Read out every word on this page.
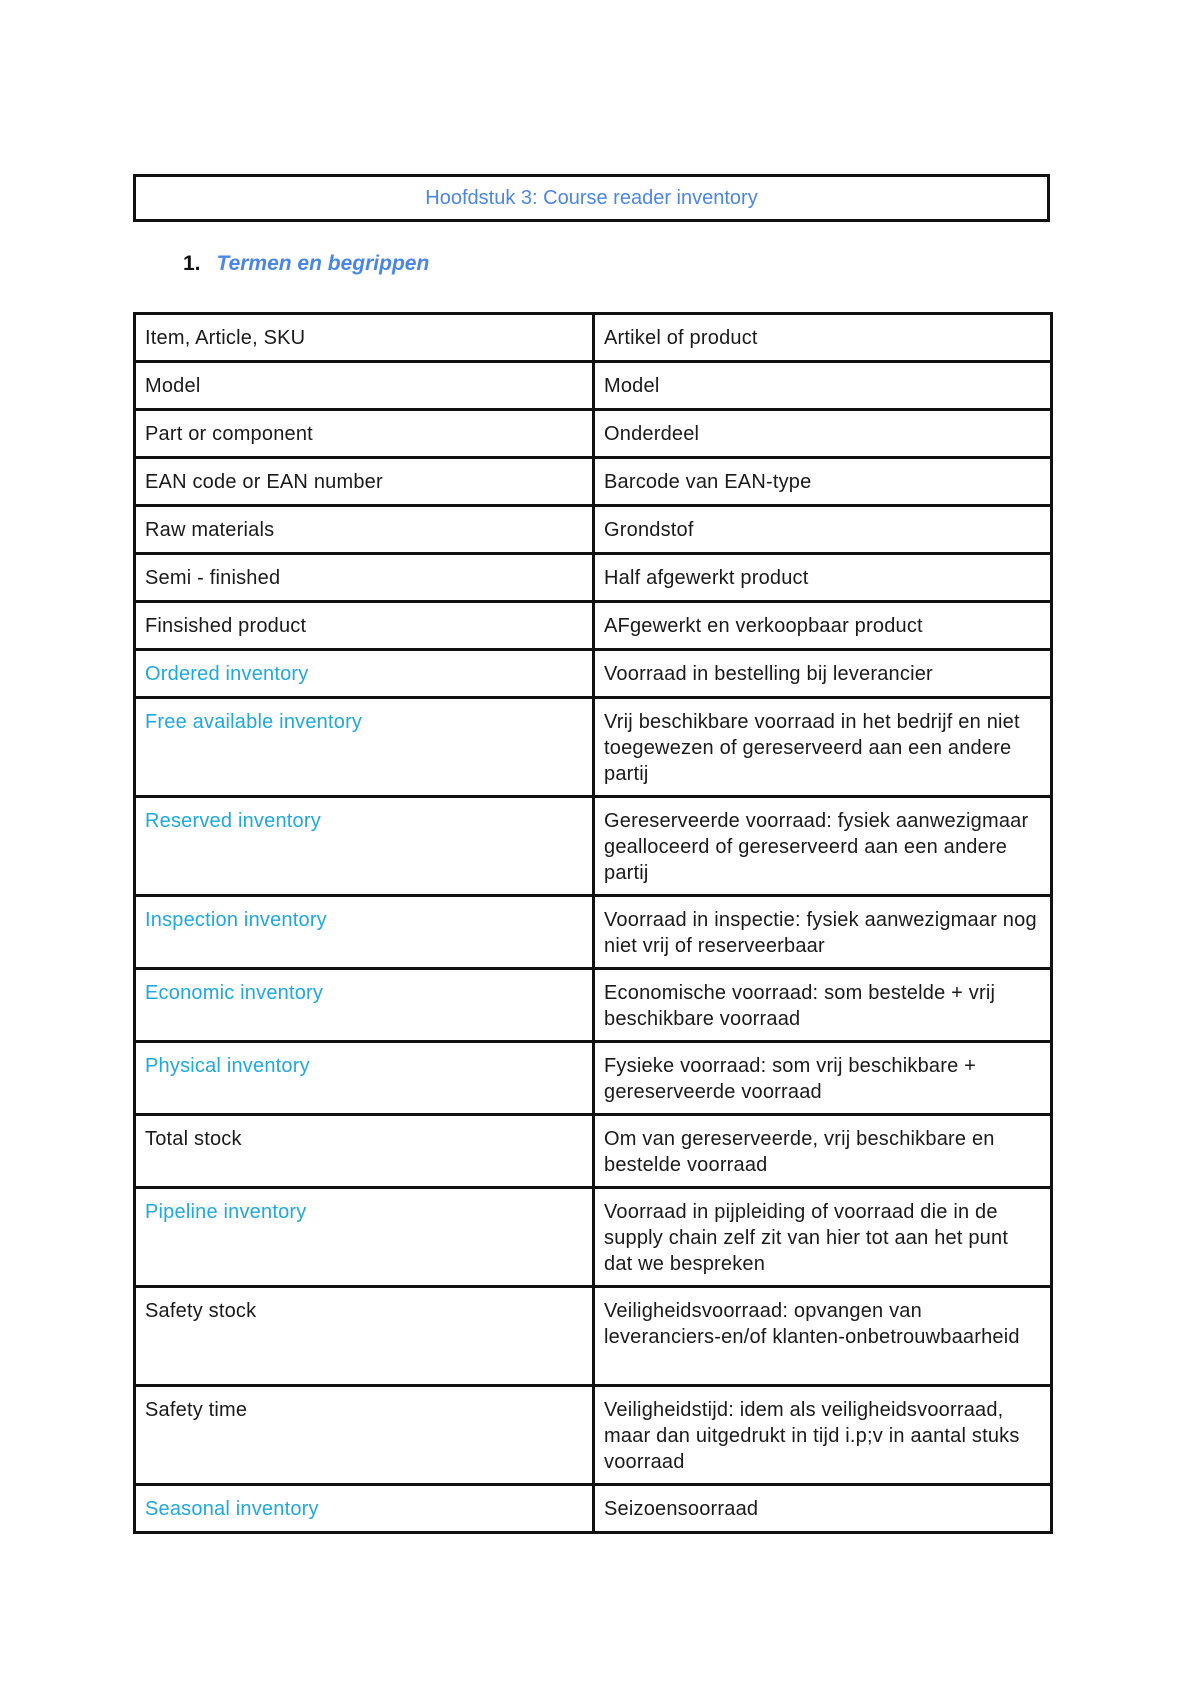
Hoofdstuk 3: Course reader inventory
1. Termen en begrippen
Item, Article, SKU	Artikel of product
Model	Model
Part or component	Onderdeel
EAN code or EAN number	Barcode van EAN-type
Raw materials	Grondstof
Semi - finished	Half afgewerkt product
Finsished product	AFgewerkt en verkoopbaar product
Ordered inventory	Voorraad in bestelling bij leverancier
Free available inventory	Vrij beschikbare voorraad in het bedrijf en niet toegewezen of gereserveerd aan een andere partij
Reserved inventory	Gereserveerde voorraad: fysiek aanwezigmaar gealloceerd of gereserveerd aan een andere partij
Inspection inventory	Voorraad in inspectie: fysiek aanwezigmaar nog niet vrij of reserveerbaar
Economic inventory	Economische voorraad: som bestelde + vrij beschikbare voorraad
Physical inventory	Fysieke voorraad: som vrij beschikbare + gereserveerde voorraad
Total stock	Om van gereserveerde, vrij beschikbare en bestelde voorraad
Pipeline inventory	Voorraad in pijpleiding of voorraad die in de supply chain zelf zit van hier tot aan het punt dat we bespreken
Safety stock	Veiligheidsvoorraad: opvangen van leveranciers-en/of klanten-onbetrouwbaarheid
Safety time	Veiligheidstijd: idem als veiligheidsvoorraad, maar dan uitgedrukt in tijd i.p;v in aantal stuks voorraad
Seasonal inventory	Seizoensoorraad
